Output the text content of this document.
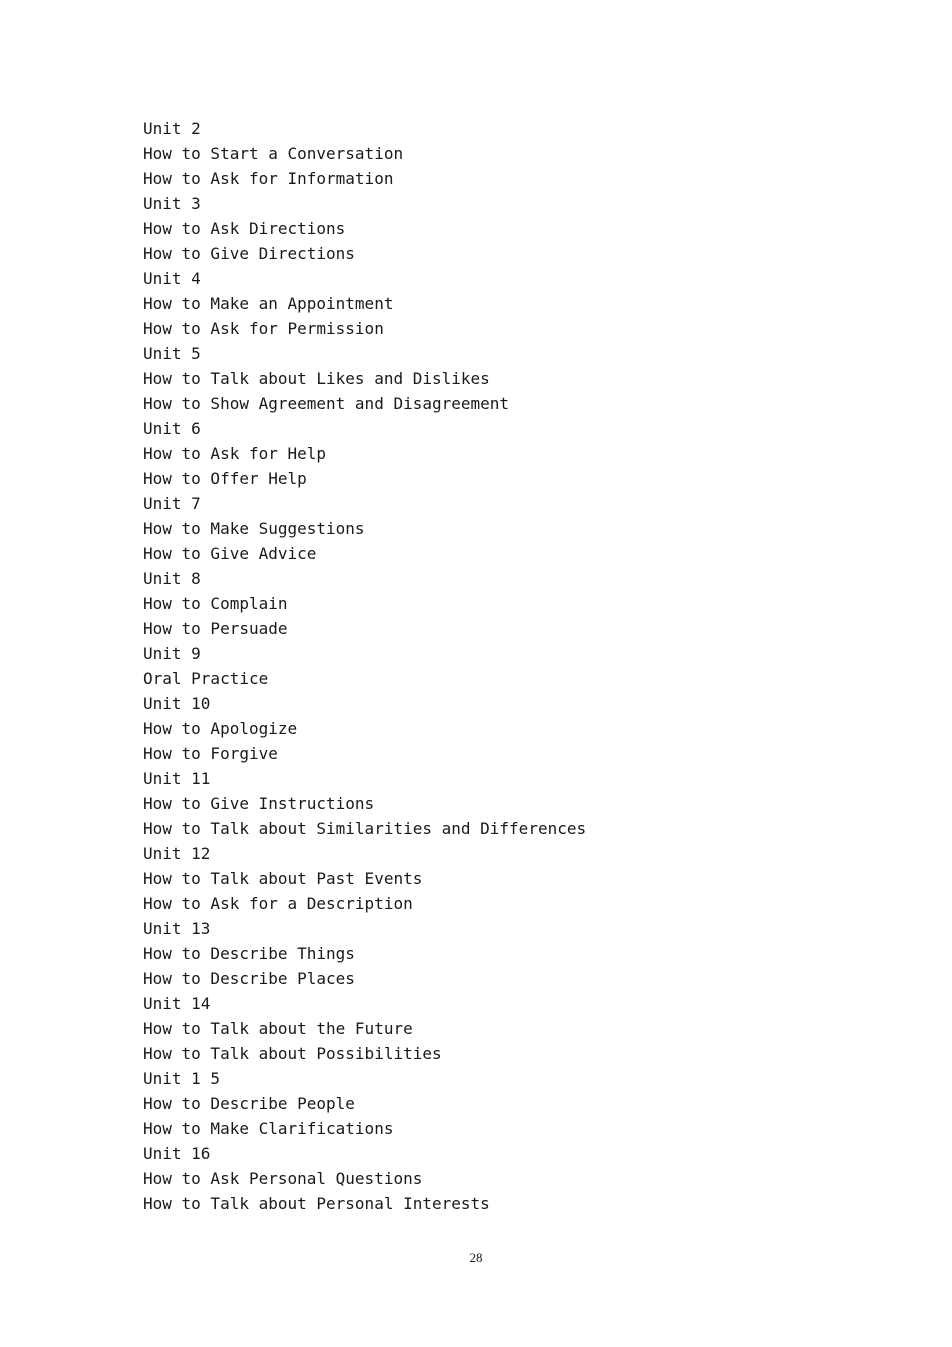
Unit 2
How to Start a Conversation
How to Ask for Information
Unit 3
How to Ask Directions
How to Give Directions
Unit 4
How to Make an Appointment
How to Ask for Permission
Unit 5
How to Talk about Likes and Dislikes
How to Show Agreement and Disagreement
Unit 6
How to Ask for Help
How to Offer Help
Unit 7
How to Make Suggestions
How to Give Advice
Unit 8
How to Complain
How to Persuade
Unit 9
Oral Practice
Unit 10
How to Apologize
How to Forgive
Unit 11
How to Give Instructions
How to Talk about Similarities and Differences
Unit 12
How to Talk about Past Events
How to Ask for a Description
Unit 13
How to Describe Things
How to Describe Places
Unit 14
How to Talk about the Future
How to Talk about Possibilities
Unit 1 5
How to Describe People
How to Make Clarifications
Unit 16
How to Ask Personal Questions
How to Talk about Personal Interests
28
